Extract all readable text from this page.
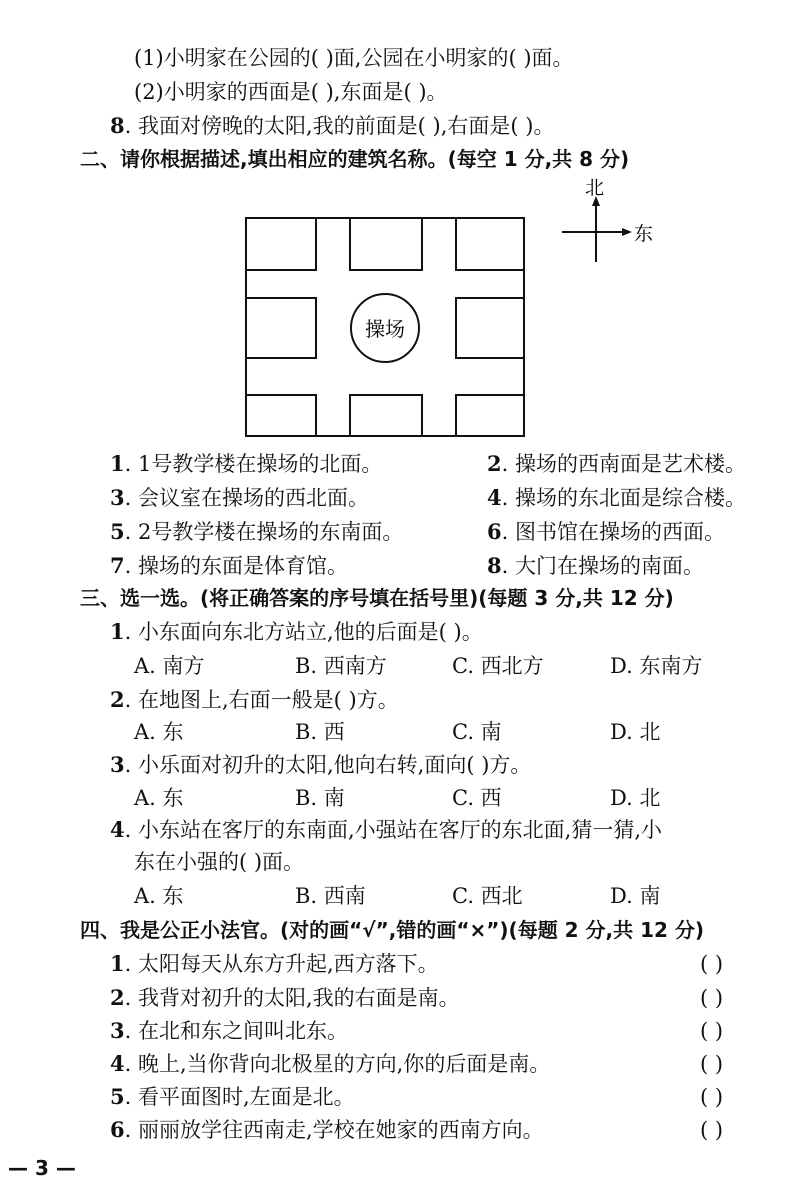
(1)小明家在公园的( )面,公园在小明家的( )面。
(2)小明家的西面是( ),东面是( )。
8. 我面对傍晚的太阳,我的前面是( ),右面是( )。
二、请你根据描述,填出相应的建筑名称。(每空 1 分,共 8 分)
操场
北
东
1. 1号教学楼在操场的北面。	2. 操场的西南面是艺术楼。
3. 会议室在操场的西北面。	4. 操场的东北面是综合楼。
5. 2号教学楼在操场的东南面。	6. 图书馆在操场的西面。
7. 操场的东面是体育馆。	8. 大门在操场的南面。
三、选一选。(将正确答案的序号填在括号里)(每题 3 分,共 12 分)
1. 小东面向东北方站立,他的后面是( )。
A. 南方	B. 西南方	C. 西北方	D. 东南方
2. 在地图上,右面一般是( )方。
A. 东	B. 西	C. 南	D. 北
3. 小乐面对初升的太阳,他向右转,面向( )方。
A. 东	B. 南	C. 西	D. 北
4. 小东站在客厅的东南面,小强站在客厅的东北面,猜一猜,小
东在小强的( )面。
A. 东	B. 西南	C. 西北	D. 南
四、我是公正小法官。(对的画“√”,错的画“×”)(每题 2 分,共 12 分)
1. 太阳每天从东方升起,西方落下。	( )
2. 我背对初升的太阳,我的右面是南。	( )
3. 在北和东之间叫北东。	( )
4. 晚上,当你背向北极星的方向,你的后面是南。	( )
5. 看平面图时,左面是北。	( )
6. 丽丽放学往西南走,学校在她家的西南方向。	( )
— 3 —
